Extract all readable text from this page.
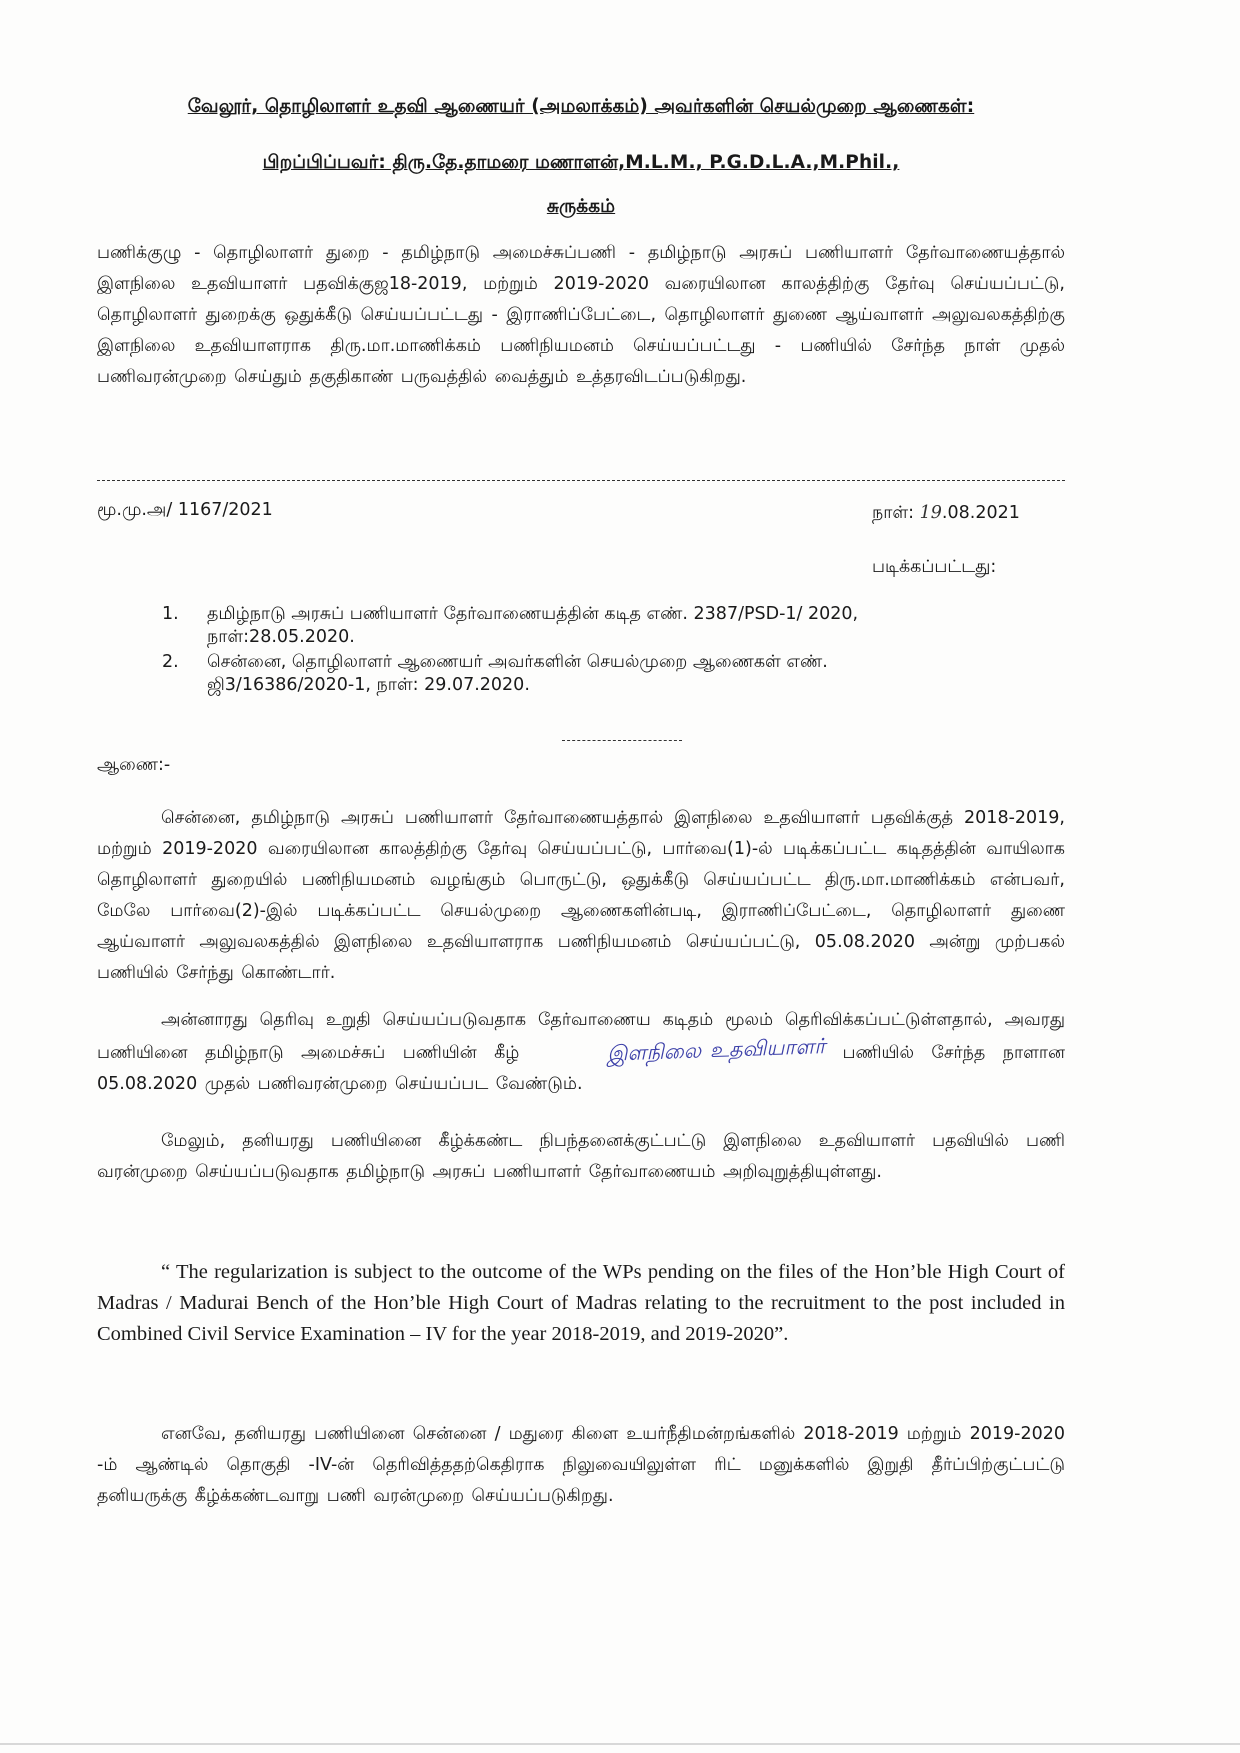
வேலூர், தொழிலாளர் உதவி ஆணையர் (அமலாக்கம்) அவர்களின் செயல்முறை ஆணைகள்:
பிறப்பிப்பவர்: திரு.தே.தாமரை மணாளன்,M.L.M., P.G.D.L.A.,M.Phil.,
சுருக்கம்
பணிக்குழு - தொழிலாளர் துறை - தமிழ்நாடு அமைச்சுப்பணி - தமிழ்நாடு அரசுப் பணியாளர் தேர்வாணையத்தால் இளநிலை உதவியாளர் பதவிக்குஜ18-2019, மற்றும் 2019-2020 வரையிலான காலத்திற்கு தேர்வு செய்யப்பட்டு, தொழிலாளர் துறைக்கு ஒதுக்கீடு செய்யப்பட்டது - இராணிப்பேட்டை, தொழிலாளர் துணை ஆய்வாளர் அலுவலகத்திற்கு இளநிலை உதவியாளராக திரு.மா.மாணிக்கம் பணிநியமனம் செய்யப்பட்டது - பணியில் சேர்ந்த நாள் முதல் பணிவரன்முறை செய்தும் தகுதிகாண் பருவத்தில் வைத்தும் உத்தரவிடப்படுகிறது.
மூ.மு.அ/ 1167/2021	நாள்: 19.08.2021
படிக்கப்பட்டது:
1. தமிழ்நாடு அரசுப் பணியாளர் தேர்வாணையத்தின் கடித எண். 2387/PSD-1/ 2020,
நாள்:28.05.2020.
2. சென்னை, தொழிலாளர் ஆணையர் அவர்களின் செயல்முறை ஆணைகள் எண்.
ஜி3/16386/2020-1, நாள்: 29.07.2020.
ஆணை:-
சென்னை, தமிழ்நாடு அரசுப் பணியாளர் தேர்வாணையத்தால் இளநிலை உதவியாளர் பதவிக்குத் 2018-2019, மற்றும் 2019-2020 வரையிலான காலத்திற்கு தேர்வு செய்யப்பட்டு, பார்வை(1)-ல் படிக்கப்பட்ட கடிதத்தின் வாயிலாக தொழிலாளர் துறையில் பணிநியமனம் வழங்கும் பொருட்டு, ஒதுக்கீடு செய்யப்பட்ட திரு.மா.மாணிக்கம் என்பவர், மேலே பார்வை(2)-இல் படிக்கப்பட்ட செயல்முறை ஆணைகளின்படி, இராணிப்பேட்டை, தொழிலாளர் துணை ஆய்வாளர் அலுவலகத்தில் இளநிலை உதவியாளராக பணிநியமனம் செய்யப்பட்டு, 05.08.2020 அன்று முற்பகல் பணியில் சேர்ந்து கொண்டார்.
அன்னாரது தெரிவு உறுதி செய்யப்படுவதாக தேர்வாணைய கடிதம் மூலம் தெரிவிக்கப்பட்டுள்ளதால், அவரது பணியினை தமிழ்நாடு அமைச்சுப் பணியின் கீழ்	இளநிலை உதவியாளர் பணியில் சேர்ந்த நாளான 05.08.2020 முதல் பணிவரன்முறை செய்யப்பட வேண்டும்.
மேலும், தனியரது பணியினை கீழ்க்கண்ட நிபந்தனைக்குட்பட்டு இளநிலை உதவியாளர் பதவியில் பணி வரன்முறை செய்யப்படுவதாக தமிழ்நாடு அரசுப் பணியாளர் தேர்வாணையம் அறிவுறுத்தியுள்ளது.
“ The regularization is subject to the outcome of the WPs pending on the files of the Hon’ble High Court of Madras / Madurai Bench of the Hon’ble High Court of Madras relating to the recruitment to the post included in Combined Civil Service Examination – IV for the year 2018-2019, and 2019-2020”.
எனவே, தனியரது பணியினை சென்னை / மதுரை கிளை உயர்நீதிமன்றங்களில் 2018-2019 மற்றும் 2019-2020 -ம் ஆண்டில் தொகுதி -IV-ன் தெரிவித்ததற்கெதிராக நிலுவையிலுள்ள ரிட் மனுக்களில் இறுதி தீர்ப்பிற்குட்பட்டு தனியருக்கு கீழ்க்கண்டவாறு பணி வரன்முறை செய்யப்படுகிறது.
